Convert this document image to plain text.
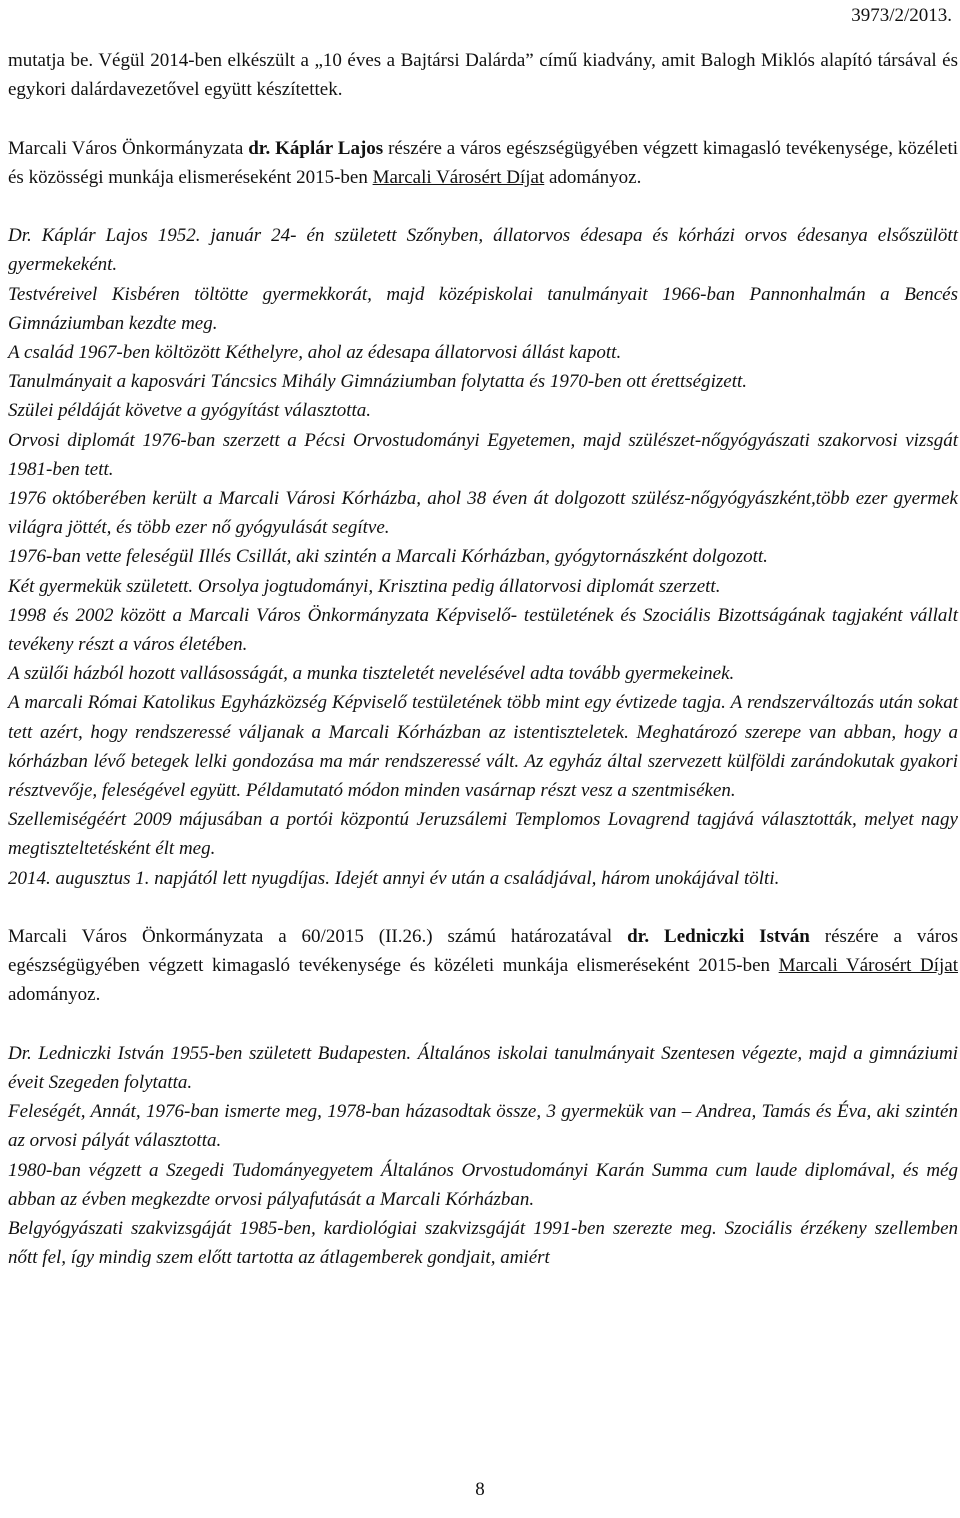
3973/2/2013.

mutatja be. Végül 2014-ben elkészült a „10 éves a Bajtársi Dalárda” című kiadvány, amit Balogh Miklós alapító társával és egykori dalárdavezetővel együtt készítettek.

Marcali Város Önkormányzata dr. Káplár Lajos részére a város egészségügyében végzett kimagasló tevékenysége, közéleti és közösségi munkája elismeréseként 2015-ben Marcali Városért Díjat adományoz.

Dr. Káplár Lajos 1952. január 24- én született Szőnyben, állatorvos édesapa és kórházi orvos édesanya elsőszülött gyermekeként.

Testvéreivel Kisbéren töltötte gyermekkorát, majd középiskolai tanulmányait 1966-ban Pannonhalmán a Bencés Gimnáziumban kezdte meg.

A család 1967-ben költözött Kéthelyre, ahol az édesapa állatorvosi állást kapott.

Tanulmányait a kaposvári Táncsics Mihály Gimnáziumban folytatta és 1970-ben ott érettségizett.

Szülei példáját követve a gyógyítást választotta.

Orvosi diplomát 1976-ban szerzett a Pécsi Orvostudományi Egyetemen, majd szülészet-nőgyógyászati szakorvosi vizsgát 1981-ben tett.

1976 októberében került a Marcali Városi Kórházba, ahol 38 éven át dolgozott szülész-nőgyógyászként,több ezer gyermek világra jöttét, és több ezer nő gyógyulását segítve.

1976-ban vette feleségül Illés Csillát, aki szintén a Marcali Kórházban, gyógytornászként dolgozott.

Két gyermekük született. Orsolya jogtudományi, Krisztina pedig állatorvosi diplomát szerzett.

1998 és 2002 között a Marcali Város Önkormányzata Képviselő- testületének és Szociális Bizottságának tagjaként vállalt tevékeny részt a város életében.

A szülői házból hozott vallásosságát, a munka tiszteletét nevelésével adta tovább gyermekeinek.

A marcali Római Katolikus Egyházközség Képviselő testületének több mint egy évtizede tagja. A rendszerváltozás után sokat tett azért, hogy rendszeressé váljanak a Marcali Kórházban az istentiszteletek. Meghatározó szerepe van abban, hogy a kórházban lévő betegek lelki gondozása ma már rendszeressé vált. Az egyház által szervezett külföldi zarándokutak gyakori résztvevője, feleségével együtt. Példamutató módon minden vasárnap részt vesz a szentmiséken.

Szellemiségéért 2009 májusában a portói központú Jeruzsálemi Templomos Lovagrend tagjává választották, melyet nagy megtiszteltetésként élt meg.

2014. augusztus 1. napjától lett nyugdíjas. Idejét annyi év után a családjával, három unokájával tölti.

Marcali Város Önkormányzata a 60/2015 (II.26.) számú határozatával dr. Ledniczki István részére a város egészségügyében végzett kimagasló tevékenysége és közéleti munkája elismeréseként 2015-ben Marcali Városért Díjat adományoz.

Dr. Ledniczki István 1955-ben született Budapesten. Általános iskolai tanulmányait Szentesen végezte, majd a gimnáziumi éveit Szegeden folytatta.

Feleségét, Annát, 1976-ban ismerte meg, 1978-ban házasodtak össze, 3 gyermekük van – Andrea, Tamás és Éva, aki szintén az orvosi pályát választotta.

1980-ban végzett a Szegedi Tudományegyetem Általános Orvostudományi Karán Summa cum laude diplomával, és még abban az évben megkezdte orvosi pályafutását a Marcali Kórházban.

Belgyógyászati szakvizsgáját 1985-ben, kardiológiai szakvizsgáját 1991-ben szerezte meg. Szociális érzékeny szellemben nőtt fel, így mindig szem előtt tartotta az átlagemberek gondjait, amiért

8
